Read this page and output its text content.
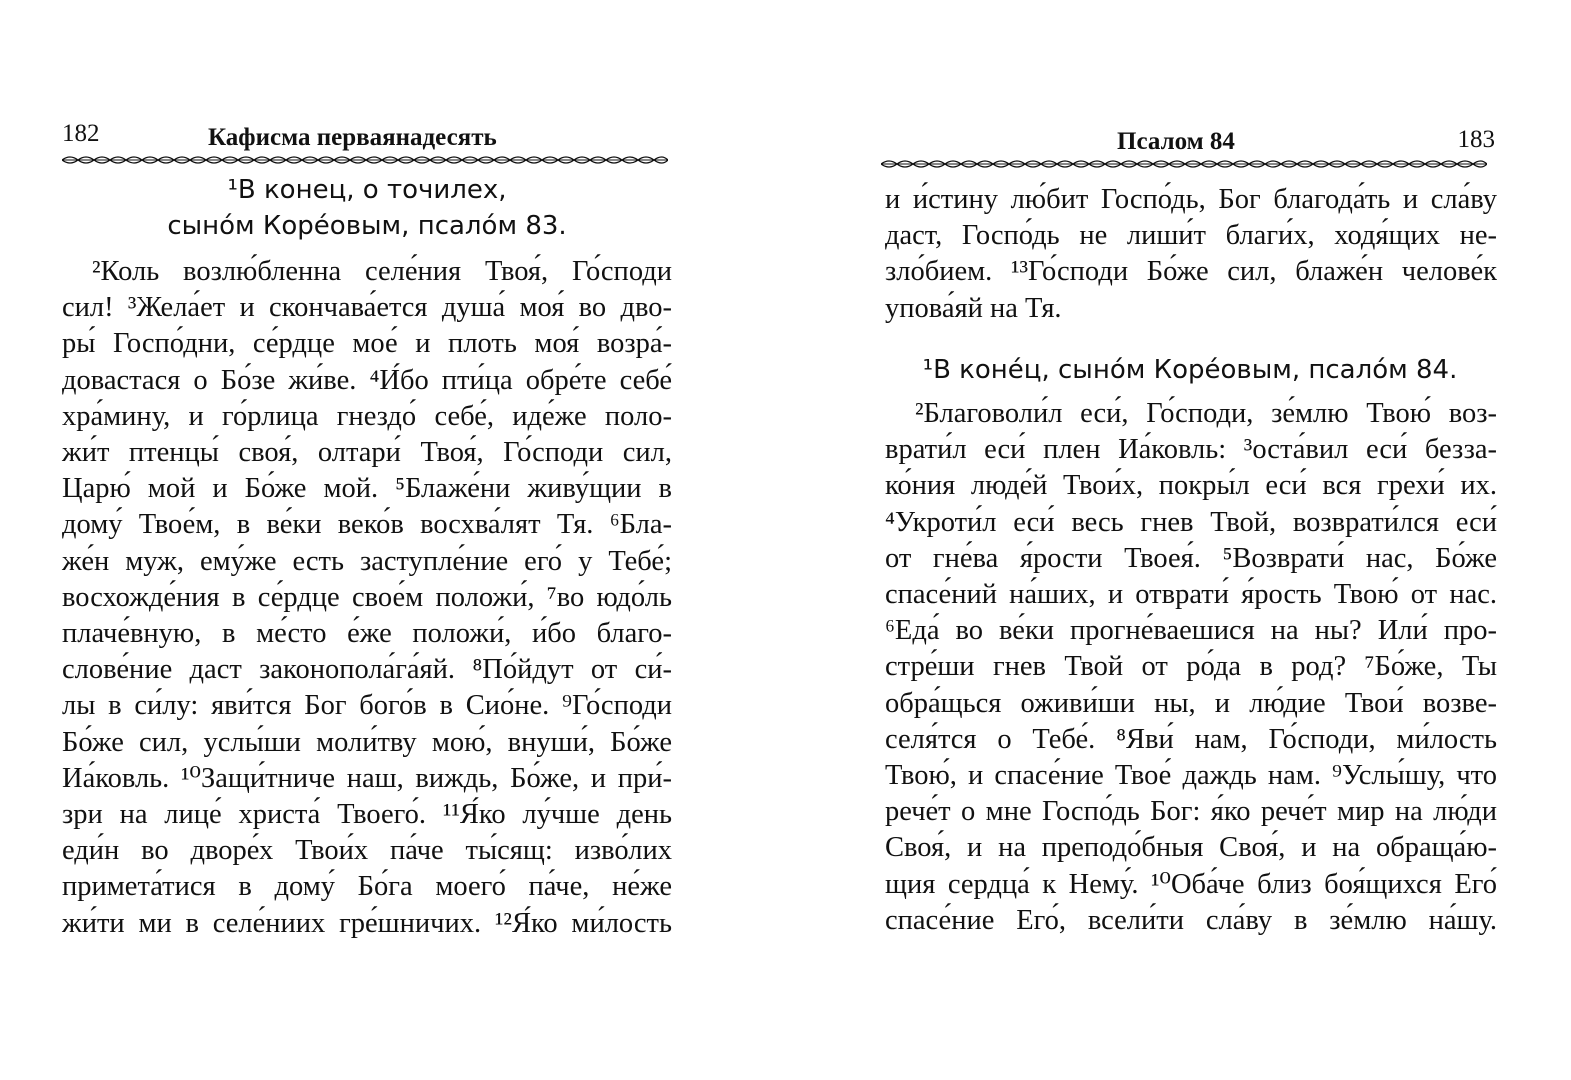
182	Кафисма перваянадесять
¹В конец, о точилех,
сыно́м Коре́овым, псало́м 83.
²Коль возлю́бленна селе́ния Твоя́, Го́споди
сил! ³Жела́ет и скончава́ется душа́ моя́ во дво-
ры́ Госпо́дни, се́рдце мое́ и плоть моя́ возра́-
довастася о Бо́зе жи́ве. ⁴И́бо пти́ца обре́те себе́
хра́мину, и го́рлица гнездо́ себе́, иде́же поло-
жи́т птенцы́ своя́, олтари́ Твоя́, Го́споди сил,
Царю́ мой и Бо́же мой. ⁵Блаже́ни живу́щии в
дому́ Твое́м, в ве́ки веко́в восхва́лят Тя. ⁶Бла-
же́н муж, ему́же есть заступле́ние его́ у Тебе́;
восхожде́ния в се́рдце свое́м положи́, ⁷во юдо́ль
плаче́вную, в ме́сто е́же положи́, и́бо благо-
слове́ние даст законопола́га́яй. ⁸По́йдут от си́-
лы в си́лу: яви́тся Бог бого́в в Сио́не. ⁹Го́споди
Бо́же сил, услы́ши моли́тву мою́, внуши́, Бо́же
Иа́ковль. ¹⁰Защи́тниче наш, виждь, Бо́же, и при́-
зри на лице́ христа́ Твоего́. ¹¹Я́ко лу́чше день
еди́н во дворе́х Твои́х па́че ты́сящ: изво́лих
примета́тися в дому́ Бо́га моего́ па́че, не́же
жи́ти ми в селе́ниих гре́шничих. ¹²Я́ко ми́лость
Псалом 84	183
и и́стину лю́бит Госпо́дь, Бог благода́ть и сла́ву
даст, Госпо́дь не лиши́т благи́х, ходя́щих не-
зло́бием. ¹³Го́споди Бо́же сил, блаже́н челове́к
упова́яй на Тя.
¹В коне́ц, сыно́м Коре́овым, псало́м 84.
²Благоволи́л еси́, Го́споди, зе́млю Твою́ воз-
врати́л еси́ плен Иа́ковль: ³оста́вил еси́ безза-
ко́ния люде́й Твои́х, покры́л еси́ вся грехи́ их.
⁴Укроти́л еси́ весь гнев Твой, возврати́лся еси́
от гне́ва я́рости Твоея́. ⁵Возврати́ нас, Бо́же
спасе́ний на́ших, и отврати́ я́рость Твою́ от нас.
⁶Еда́ во ве́ки прогне́ваешися на ны? Или́ про-
стре́ши гнев Твой от ро́да в род? ⁷Бо́же, Ты
обра́щься оживи́ши ны, и лю́дие Твои́ возве-
селя́тся о Тебе́. ⁸Яви́ нам, Го́споди, ми́лость
Твою́, и спасе́ние Твое́ даждь нам. ⁹Услы́шу, что
рече́т о мне Госпо́дь Бог: я́ко рече́т мир на лю́ди
Своя́, и на преподо́бныя Своя́, и на обраща́ю-
щия сердца́ к Нему́. ¹⁰Оба́че близ боя́щихся Его́
спасе́ние Его́, всели́ти сла́ву в зе́млю на́шу.
